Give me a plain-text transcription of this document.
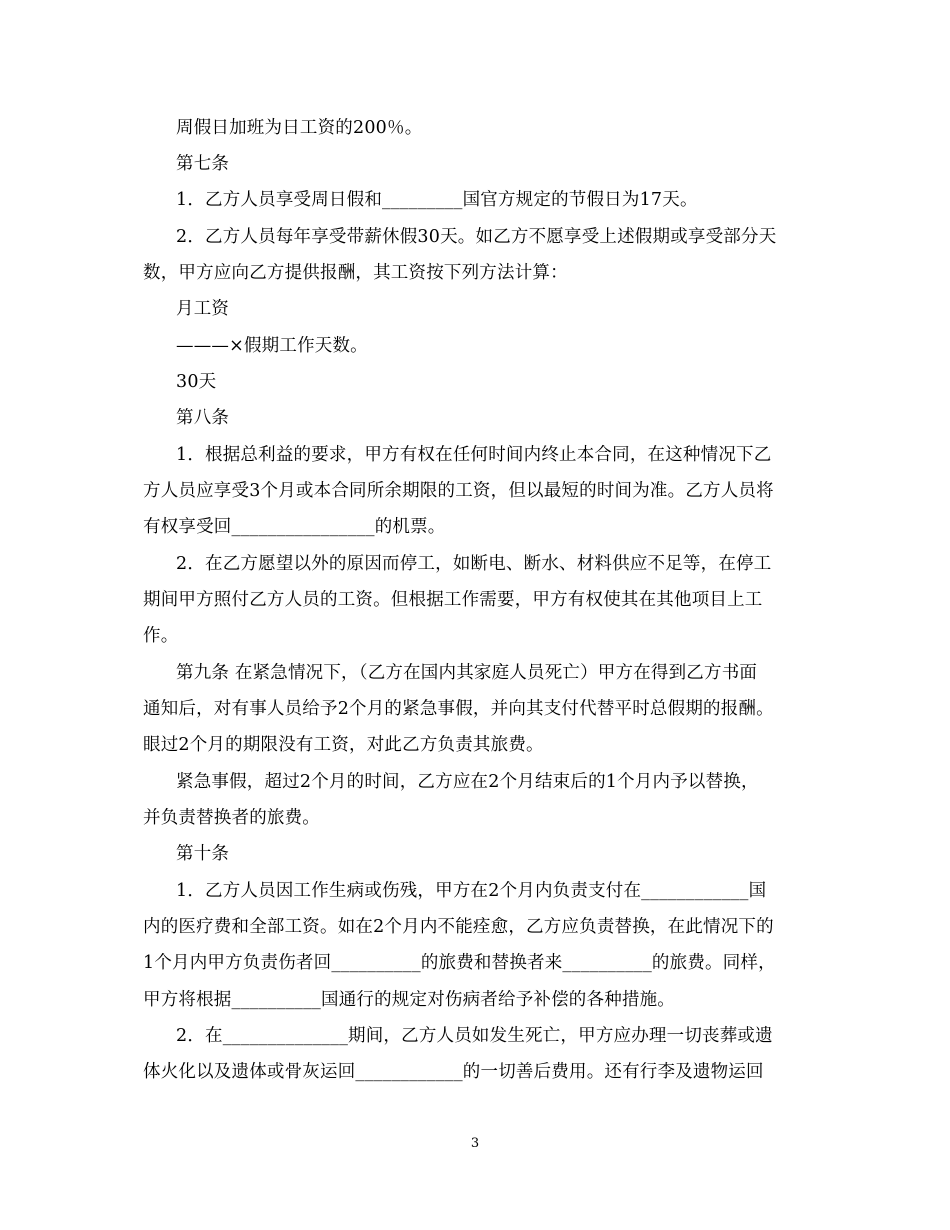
周假日加班为日工资的200％。
第七条
1．乙方人员享受周日假和_________国官方规定的节假日为17天。
2．乙方人员每年享受带薪休假30天。如乙方不愿享受上述假期或享受部分天
数，甲方应向乙方提供报酬，其工资按下列方法计算：
月工资
———×假期工作天数。
30天
第八条
1．根据总利益的要求，甲方有权在任何时间内终止本合同，在这种情况下乙
方人员应享受3个月或本合同所余期限的工资，但以最短的时间为准。乙方人员将
有权享受回________________的机票。
2．在乙方愿望以外的原因而停工，如断电、断水、材料供应不足等，在停工
期间甲方照付乙方人员的工资。但根据工作需要，甲方有权使其在其他项目上工
作。
第九条 在紧急情况下，（乙方在国内其家庭人员死亡）甲方在得到乙方书面
通知后，对有事人员给予2个月的紧急事假，并向其支付代替平时总假期的报酬。
眼过2个月的期限没有工资，对此乙方负责其旅费。
紧急事假，超过2个月的时间，乙方应在2个月结束后的1个月内予以替换，
并负责替换者的旅费。
第十条
1．乙方人员因工作生病或伤残，甲方在2个月内负责支付在____________国
内的医疗费和全部工资。如在2个月内不能痊愈，乙方应负责替换，在此情况下的
1个月内甲方负责伤者回__________的旅费和替换者来__________的旅费。同样，
甲方将根据__________国通行的规定对伤病者给予补偿的各种措施。
2．在______________期间，乙方人员如发生死亡，甲方应办理一切丧葬或遗
体火化以及遗体或骨灰运回____________的一切善后费用。还有行李及遗物运回
3
